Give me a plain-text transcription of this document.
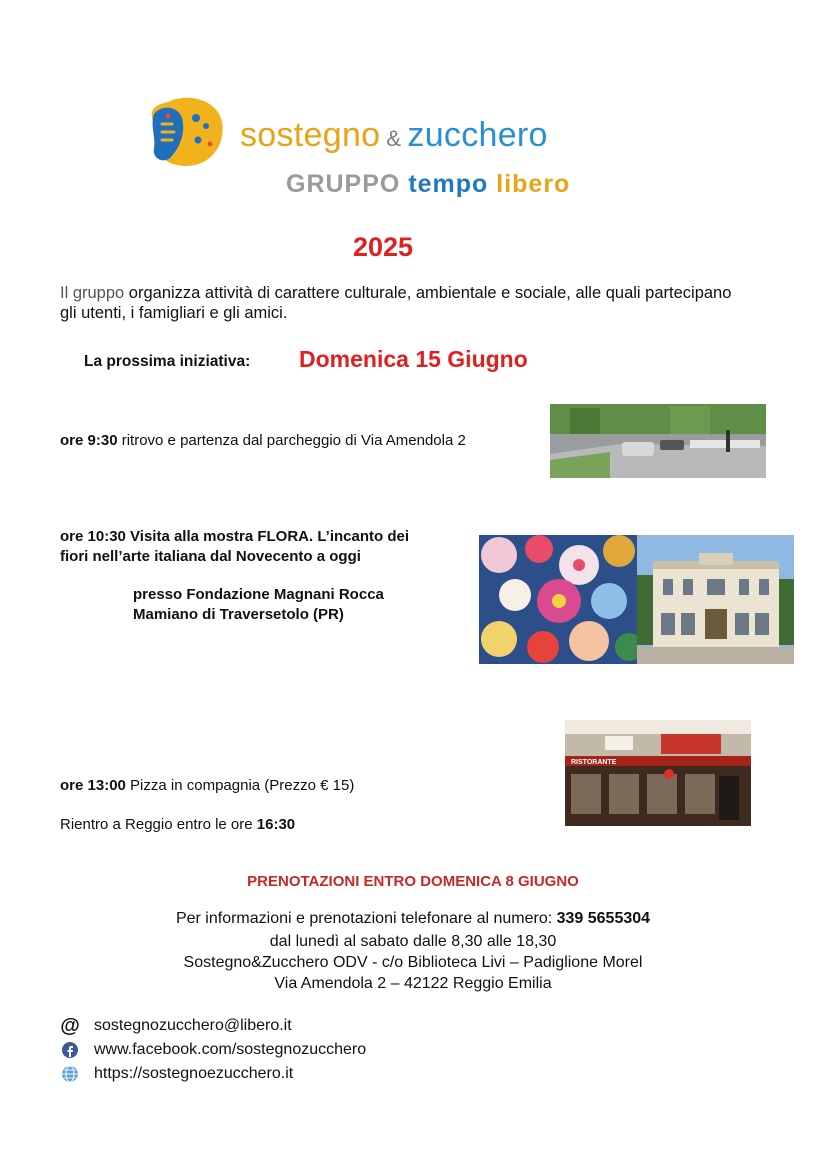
sostegno & zucchero
GRUPPO tempo libero
2025
Il gruppo organizza attività di carattere culturale, ambientale e sociale, alle quali partecipano gli utenti, i famigliari e gli amici.
La prossima iniziativa: Domenica 15 Giugno
ore 9:30 ritrovo e partenza dal parcheggio di Via Amendola 2
ore 10:30 Visita alla mostra FLORA. L’incanto dei
fiori nell’arte italiana dal Novecento a oggi
presso Fondazione Magnani Rocca
Mamiano di Traversetolo (PR)
RISTORANTE
ore 13:00 Pizza in compagnia (Prezzo € 15)
Rientro a Reggio entro le ore 16:30
PRENOTAZIONI ENTRO DOMENICA 8 GIUGNO
Per informazioni e prenotazioni telefonare al numero: 339 5655304
dal lunedì al sabato dalle 8,30 alle 18,30
Sostegno&Zucchero ODV - c/o Biblioteca Livi – Padiglione Morel
Via Amendola 2 – 42122 Reggio Emilia
@ sostegnozucchero@libero.it
www.facebook.com/sostegnozucchero
https://sostegnoezucchero.it
